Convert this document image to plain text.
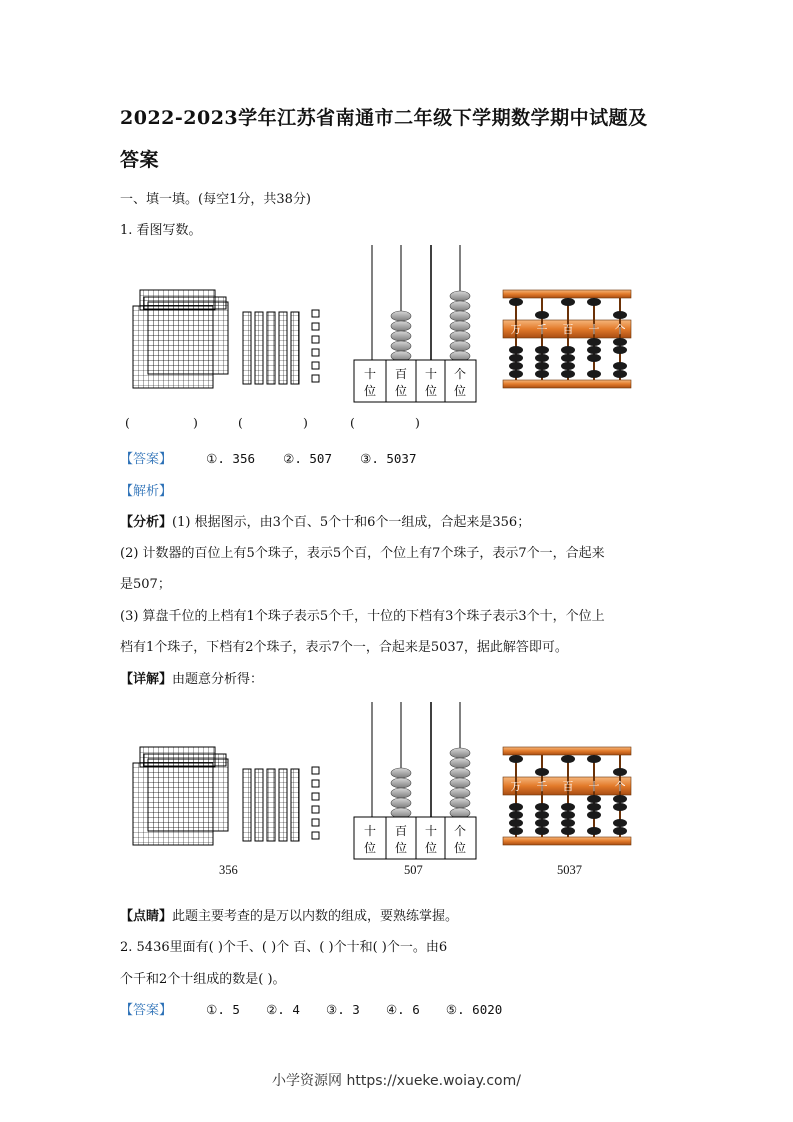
2022-2023学年江苏省南通市二年级下学期数学期中试题及
答案
一、填一填。(每空1分，共38分)
1. 看图写数。
十
位
百
位
十
位
个
位
万 千 百 十 个
(	)	(	)	(	)
【答案】	①. 356 ②. 507 ③. 5037
【解析】
【分析】(1) 根据图示，由3个百、5个十和6个一组成，合起来是356；
(2) 计数器的百位上有5个珠子，表示5个百，个位上有7个珠子，表示7个一，合起来
是507；
(3) 算盘千位的上档有1个珠子表示5个千，十位的下档有3个珠子表示3个十，个位上
档有1个珠子，下档有2个珠子，表示7个一，合起来是5037，据此解答即可。
【详解】由题意分析得：
十
位
百
位
十
位
个
位
万 千 百 十 个
356	507	5037
【点睛】此题主要考查的是万以内数的组成，要熟练掌握。
2. 5436里面有( )个千、( )个 百、( )个十和( )个一。由6
个千和2个十组成的数是( )。
【答案】	①. 5 ②. 4 ③. 3 ④. 6 ⑤. 6020
小学资源网 https://xueke.woiay.com/
